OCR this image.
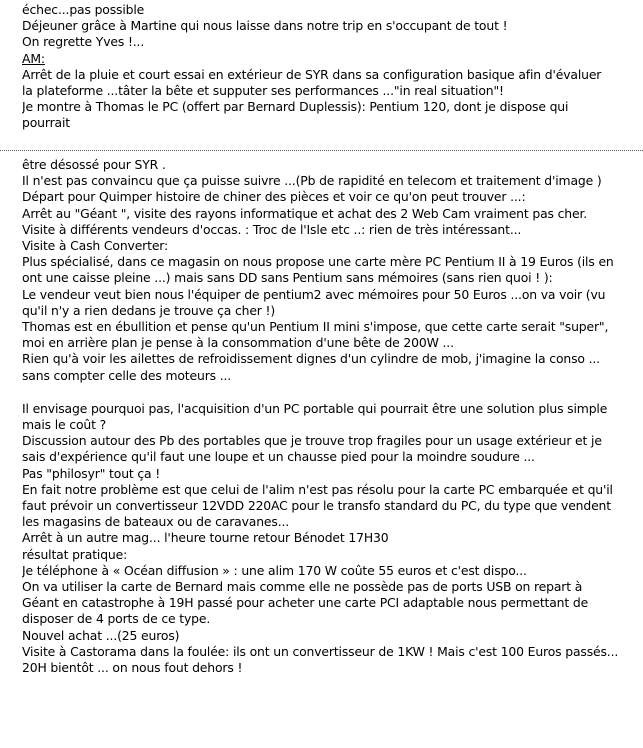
échec...pas possible
Déjeuner grâce à Martine qui nous laisse dans notre trip en s'occupant de tout !
On regrette Yves !...
AM:
Arrêt de la pluie et court essai en extérieur de SYR dans sa configuration basique afin d'évaluer
la plateforme ...tâter la bête et supputer ses performances ..."in real situation"!
Je montre à Thomas le PC (offert par Bernard Duplessis): Pentium 120, dont je dispose qui
pourrait
être désossé pour SYR .
Il n'est pas convaincu que ça puisse suivre ...(Pb de rapidité en telecom et traitement d'image )
Départ pour Quimper histoire de chiner des pièces et voir ce qu'on peut trouver ...:
Arrêt au "Géant ", visite des rayons informatique et achat des 2 Web Cam vraiment pas cher.
Visite à différents vendeurs d'occas. : Troc de l'Isle etc ..: rien de très intéressant...
Visite à Cash Converter:
Plus spécialisé, dans ce magasin on nous propose une carte mère PC Pentium II à 19 Euros (ils en
ont une caisse pleine ...) mais sans DD sans Pentium sans mémoires (sans rien quoi ! ):
Le vendeur veut bien nous l'équiper de pentium2 avec mémoires pour 50 Euros ...on va voir (vu
qu'il n'y a rien dedans je trouve ça cher !)
Thomas est en ébullition et pense qu'un Pentium II mini s'impose, que cette carte serait "super",
moi en arrière plan je pense à la consommation d'une bête de 200W ...
Rien qu'à voir les ailettes de refroidissement dignes d'un cylindre de mob, j'imagine la conso ...
sans compter celle des moteurs ...
Il envisage pourquoi pas, l'acquisition d'un PC portable qui pourrait être une solution plus simple
mais le coût ?
Discussion autour des Pb des portables que je trouve trop fragiles pour un usage extérieur et je
sais d'expérience qu'il faut une loupe et un chausse pied pour la moindre soudure ...
Pas "philosyr" tout ça !
En fait notre problème est que celui de l'alim n'est pas résolu pour la carte PC embarquée et qu'il
faut prévoir un convertisseur 12VDD 220AC pour le transfo standard du PC, du type que vendent
les magasins de bateaux ou de caravanes...
Arrêt à un autre mag... l'heure tourne retour Bénodet 17H30
résultat pratique:
Je téléphone à « Océan diffusion » : une alim 170 W coûte 55 euros et c'est dispo...
On va utiliser la carte de Bernard mais comme elle ne possède pas de ports USB on repart à
Géant en catastrophe à 19H passé pour acheter une carte PCI adaptable nous permettant de
disposer de 4 ports de ce type.
Nouvel achat ...(25 euros)
Visite à Castorama dans la foulée: ils ont un convertisseur de 1KW ! Mais c'est 100 Euros passés...
20H bientôt ... on nous fout dehors !
